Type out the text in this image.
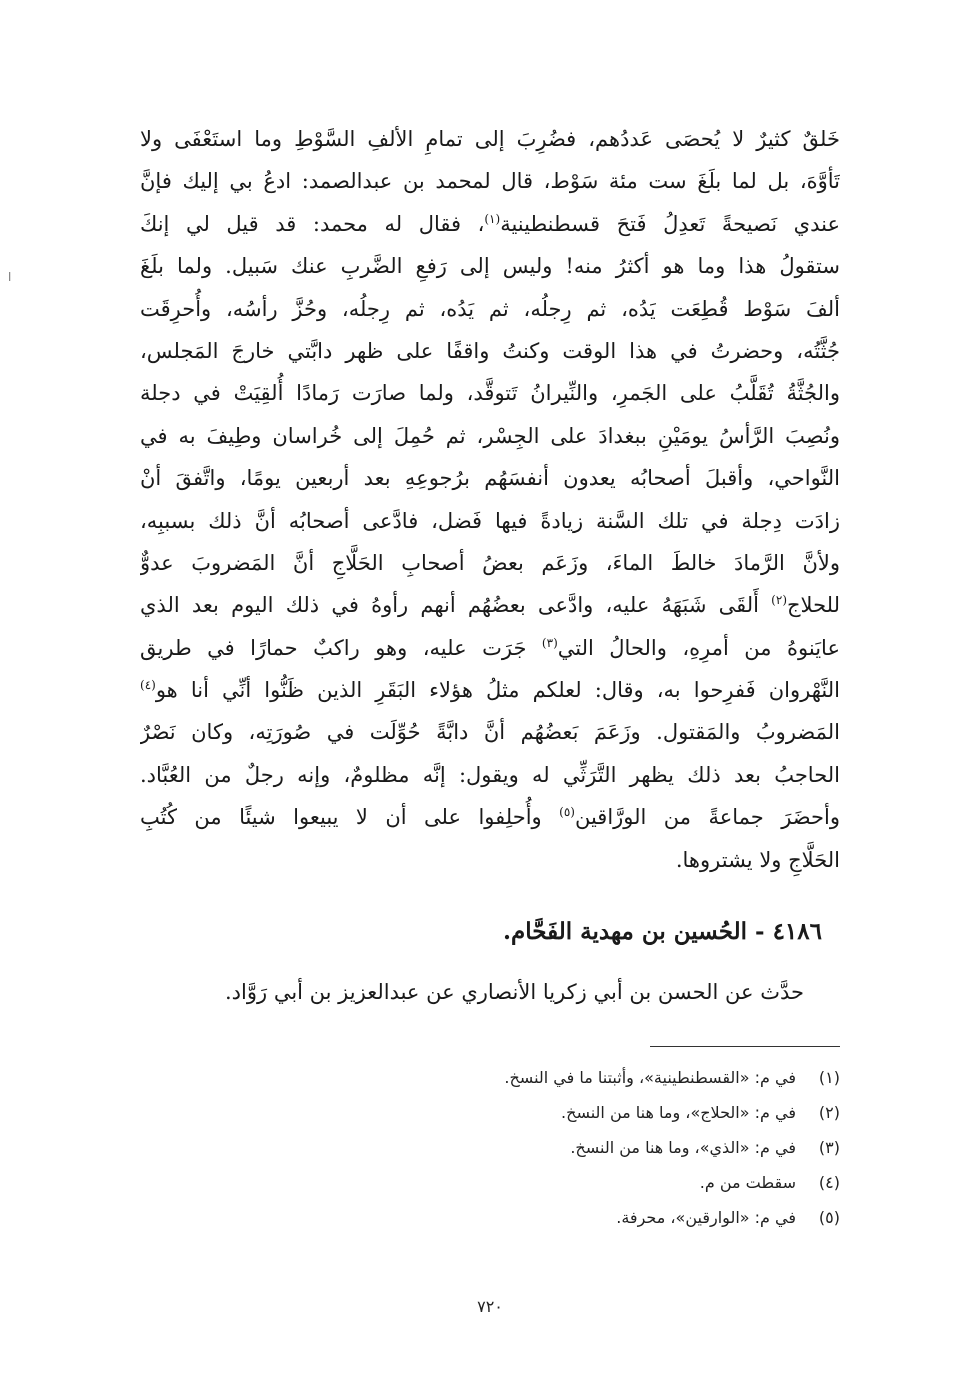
ا
خَلقٌ كثيرٌ لا يُحصَى عَددُهم، فضُرِبَ إلى تمامِ الألفِ السَّوْطِ وما استَعْفَى ولا
تَأوَّهَ، بل لما بلَغَ ست مئة سَوْط، قال لمحمد بن عبدالصمد: ادعُ بي إليك فإنَّ
عندي نَصيحةً تَعدِلُ فَتحَ قسطنطينية$^{(١)}$، فقال له محمد: قد قيل لي إنكَ
ستقولُ هذا وما هو أكثرُ منه! وليس إلى رَفعِ الضَّربِ عنك سَبيل. ولما بلَغَ
ألفَ سَوْط قُطِعَت يَدُه، ثم رِجلُه، ثم يَدُه، ثم رِجلُه، وحُزَّ رأسُه، وأُحرِقَت
جُثَّتُه، وحضرتُ في هذا الوقت وكنتُ واقفًا على ظهر دابَّتي خارجَ المَجلس،
والجُثَّةُ تُقَلَّبُ على الجَمرِ، والنِّيرانُ تَتوقَّد، ولما صارَت رَمادًا أُلقِيَتْ في دجلة
ونُصِبَ الرَّأسُ يومَيْنِ ببغدادَ على الجِسْر، ثم حُمِلَ إلى خُراسان وطِيفَ به في
النَّواحي، وأقبلَ أصحابُه يعدون أنفسَهُم برُجوعِهِ بعد أربعين يومًا، واتَّفقَ أنْ
زادَت دِجلة في تلك السَّنة زيادةً فيها فَضل، فادَّعى أصحابُه أنَّ ذلك بسببِه،
ولأنَّ الرَّمادَ خالطَ الماءَ، وزَعَم بعضُ أصحابِ الحَلَّاجِ أنَّ المَضروبَ عدوٌّ
للحلاج$^{(٢)}$ أَلقَى شَبَهَهُ عليه، وادَّعى بعضُهُم أنهم رأوهُ في ذلك اليوم بعد الذي
عايَنوهُ من أمرِهِ، والحالُ التي$^{(٣)}$ جَرَت عليه، وهو راكبٌ حمارًا في طريق
النَّهْروان فَفرِحوا به، وقال: لعلكم مثلُ هؤلاء البَقَرِ الذين ظَنُّوا أنِّي أنا هو$^{(٤)}$
المَضروبُ والمَقتول. وزَعَمَ بَعضُهُم أنَّ دابَّةً حُوِّلَت في صُورَتِه، وكان نَصْرٌ
الحاجبُ بعد ذلك يظهر التَّرَثِّي له ويقول: إنَّه مظلومٌ، وإنه رجلٌ من العُبَّاد.
وأحضَرَ جماعةً من الورَّاقين$^{(٥)}$ وأُحلِفوا على أن لا يبيعوا شيئًا من كُتُبِ
الحَلَّاجِ ولا يشتروها.
٤١٨٦ - الحُسين بن مهدية الفَحَّام.
حدَّث عن الحسن بن أبي زكريا الأنصاري عن عبدالعزيز بن أبي رَوَّاد.
(١)
في م: «القسطنطينية»، وأثبتنا ما في النسخ.
(٢)
في م: «الحلاج»، وما هنا من النسخ.
(٣)
في م: «الذي»، وما هنا من النسخ.
(٤)
سقطت من م.
(٥)
في م: «الوارقين»، محرفة.
٧٢٠
